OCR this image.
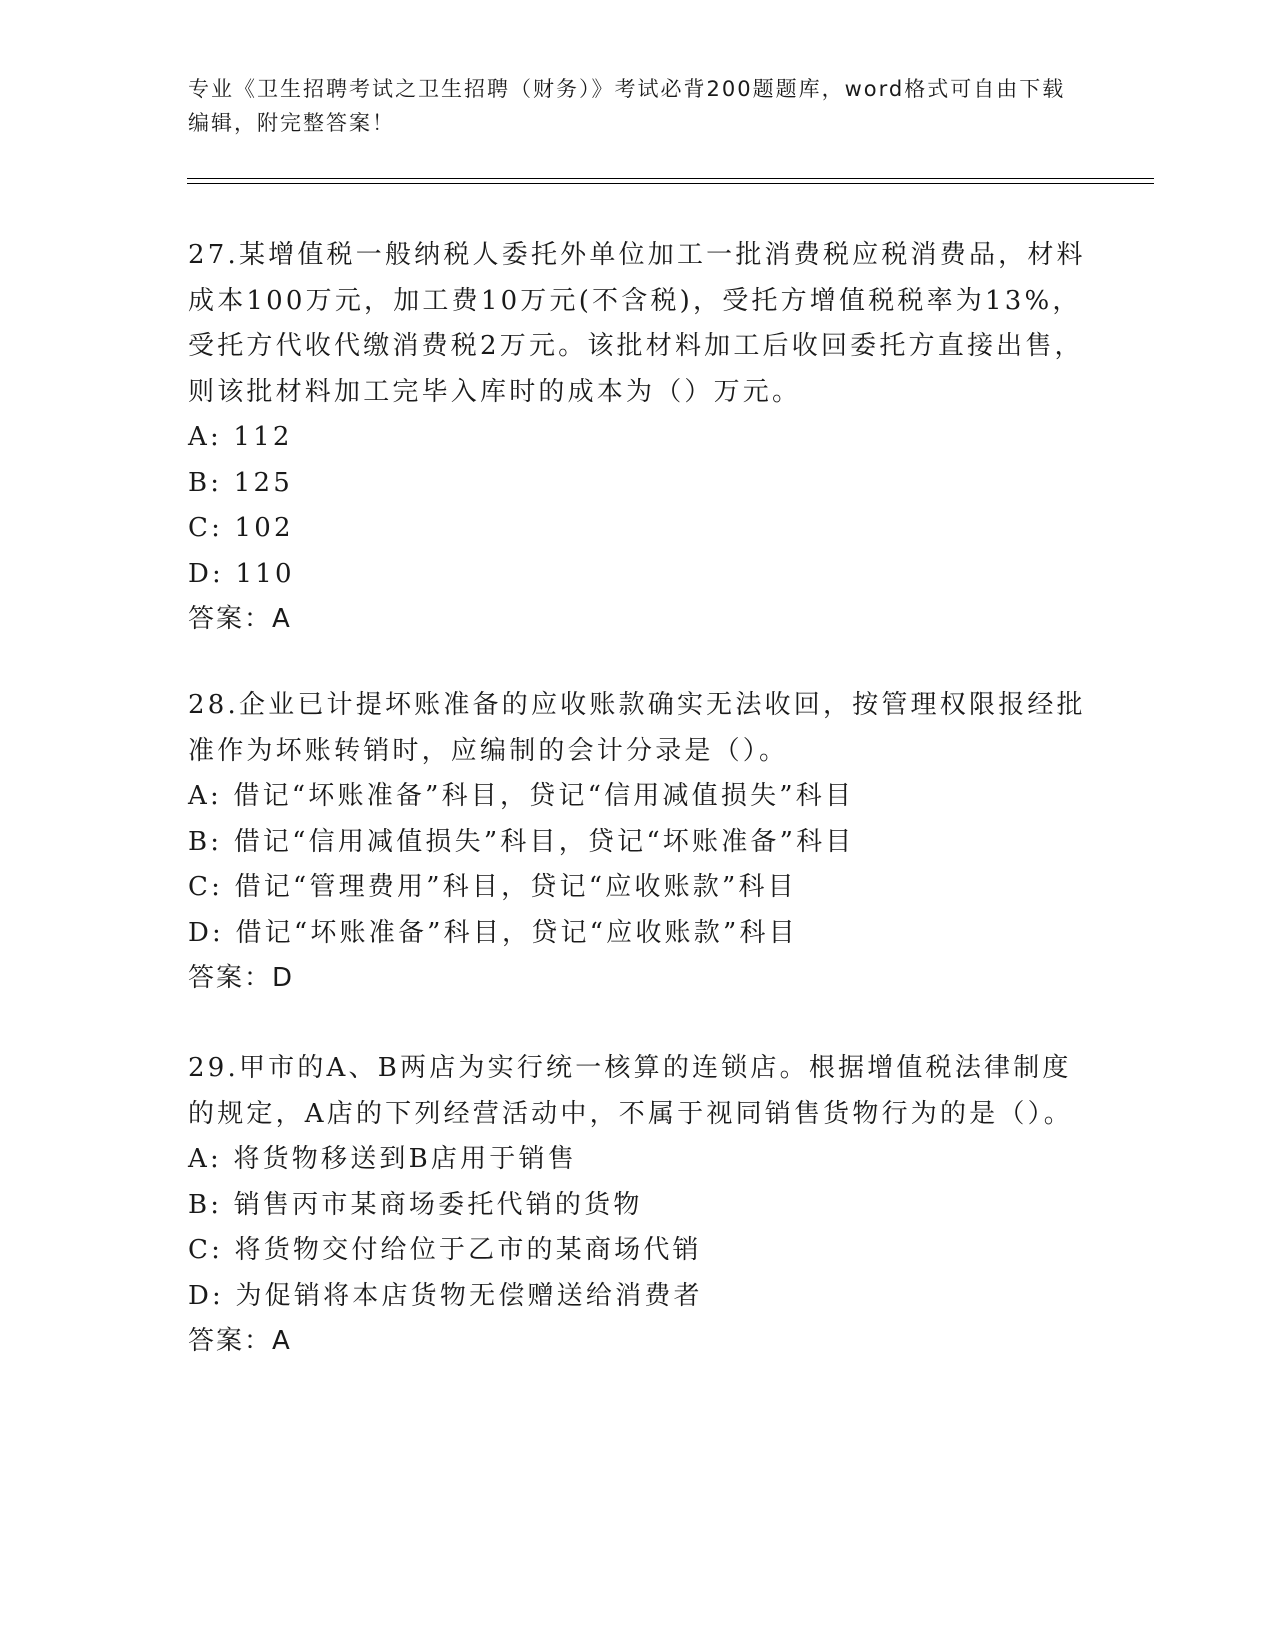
专业《卫生招聘考试之卫生招聘（财务）》考试必背200题题库，word格式可自由下载编辑，附完整答案！

27.某增值税一般纳税人委托外单位加工一批消费税应税消费品，材料成本100万元，加工费10万元(不含税)，受托方增值税税率为13%，受托方代收代缴消费税2万元。该批材料加工后收回委托方直接出售，则该批材料加工完毕入库时的成本为（）万元。

A: 112

B: 125

C: 102

D: 110

答案：A

28.企业已计提坏账准备的应收账款确实无法收回，按管理权限报经批准作为坏账转销时，应编制的会计分录是（）。

A: 借记“坏账准备”科目，贷记“信用减值损失”科目

B: 借记“信用减值损失”科目，贷记“坏账准备”科目

C: 借记“管理费用”科目，贷记“应收账款”科目

D: 借记“坏账准备”科目，贷记“应收账款”科目

答案：D

29.甲市的A、B两店为实行统一核算的连锁店。根据增值税法律制度的规定，A店的下列经营活动中，不属于视同销售货物行为的是（）。

A: 将货物移送到B店用于销售

B: 销售丙市某商场委托代销的货物

C: 将货物交付给位于乙市的某商场代销

D: 为促销将本店货物无偿赠送给消费者

答案：A
